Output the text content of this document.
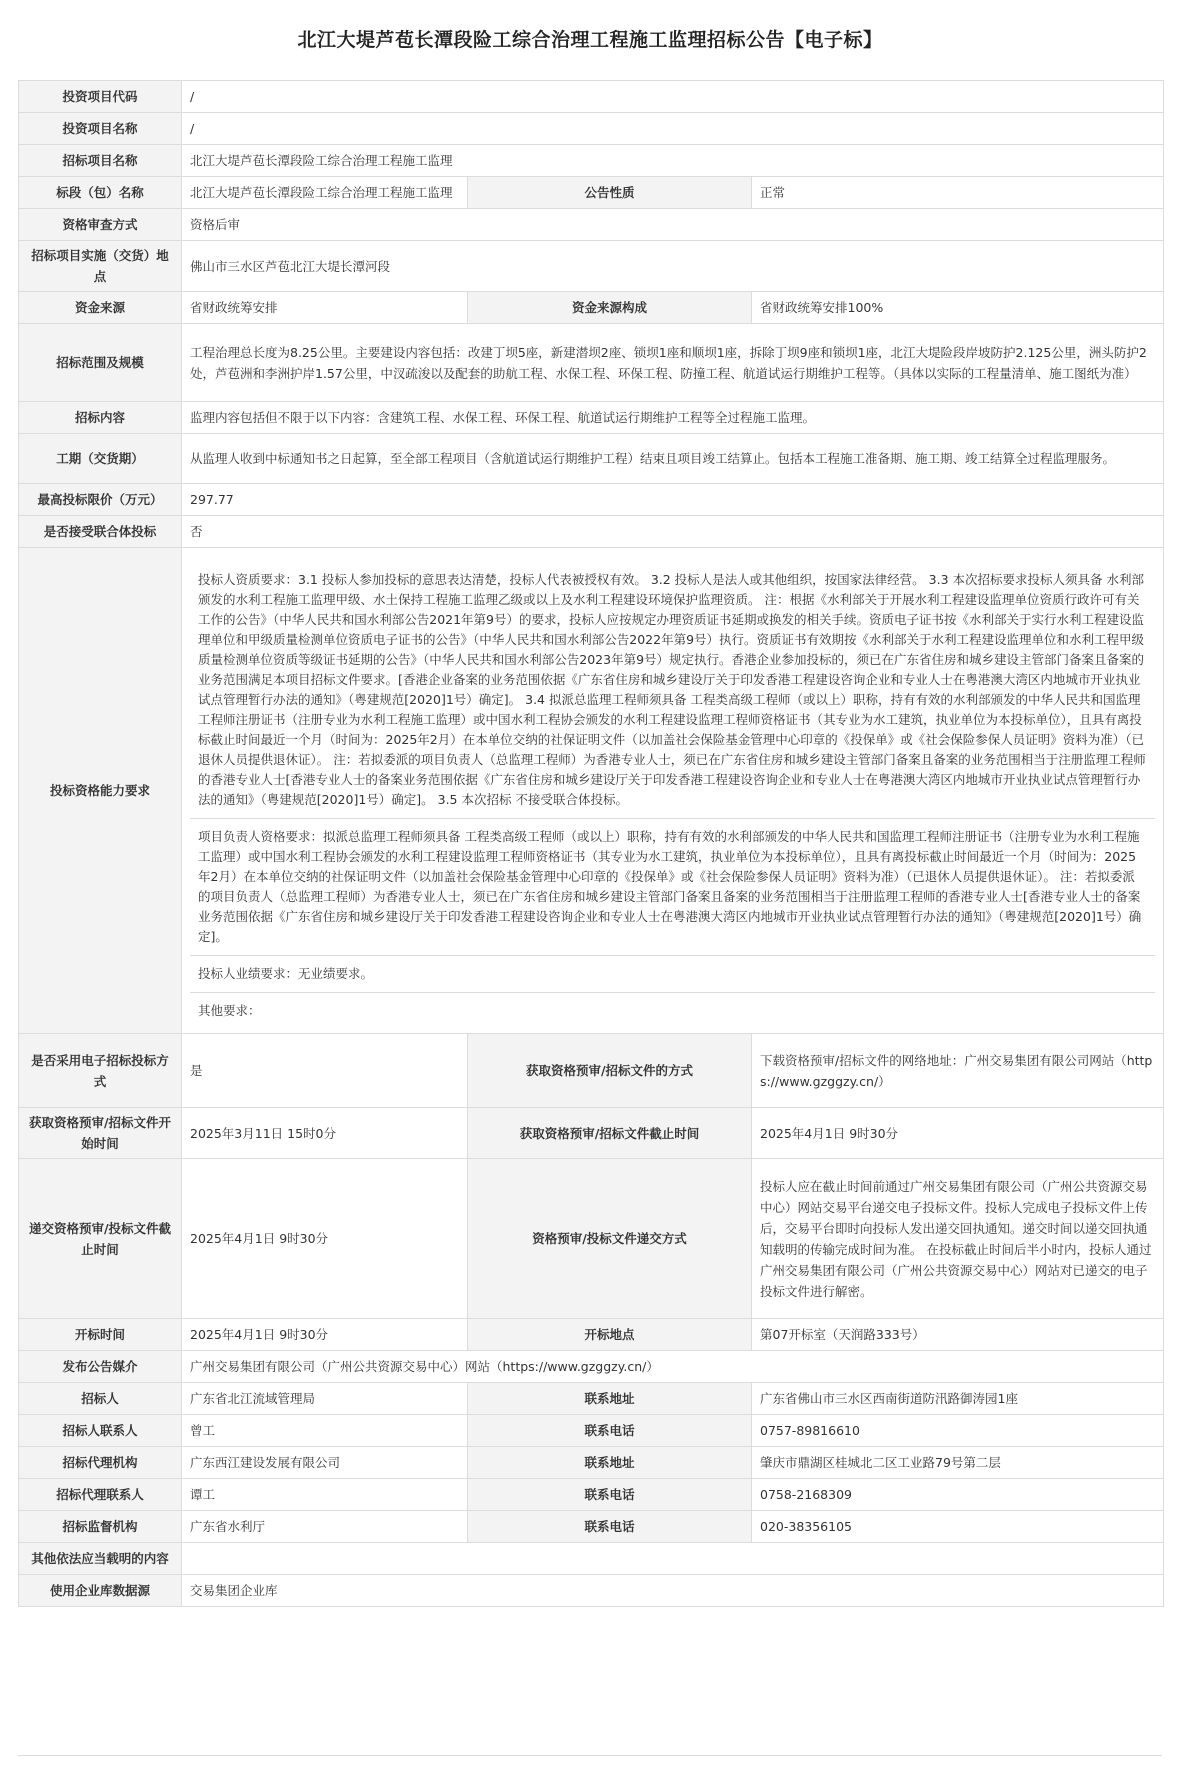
北江大堤芦苞长潭段险工综合治理工程施工监理招标公告【电子标】
投资项目代码	/		
投资项目名称	/		
招标项目名称	北江大堤芦苞长潭段险工综合治理工程施工监理		
标段（包）名称	北江大堤芦苞长潭段险工综合治理工程施工监理	公告性质	正常
资格审查方式	资格后审		
招标项目实施（交货）地点	佛山市三水区芦苞北江大堤长潭河段		
资金来源	省财政统筹安排	资金来源构成	省财政统筹安排100%
招标范围及规模	工程治理总长度为8.25公里。主要建设内容包括：改建丁坝5座，新建潜坝2座、锁坝1座和顺坝1座，拆除丁坝9座和锁坝1座，北江大堤险段岸坡防护2.125公里，洲头防护2处，芦苞洲和李洲护岸1.57公里，中汊疏浚以及配套的助航工程、水保工程、环保工程、防撞工程、航道试运行期维护工程等。（具体以实际的工程量清单、施工图纸为准）		
招标内容	监理内容包括但不限于以下内容：含建筑工程、水保工程、环保工程、航道试运行期维护工程等全过程施工监理。		
工期（交货期）	从监理人收到中标通知书之日起算，至全部工程项目（含航道试运行期维护工程）结束且项目竣工结算止。包括本工程施工准备期、施工期、竣工结算全过程监理服务。		
最高投标限价（万元）	297.77		
是否接受联合体投标	否		
投标资格能力要求	投标人资质要求：3.1 投标人参加投标的意思表达清楚，投标人代表被授权有效。 3.2 投标人是法人或其他组织，按国家法律经营。 3.3 本次招标要求投标人须具备 水利部颁发的水利工程施工监理甲级、水土保持工程施工监理乙级或以上及水利工程建设环境保护监理资质。 注：根据《水利部关于开展水利工程建设监理单位资质行政许可有关工作的公告》（中华人民共和国水利部公告2021年第9号）的要求，投标人应按规定办理资质证书延期或换发的相关手续。资质电子证书按《水利部关于实行水利工程建设监理单位和甲级质量检测单位资质电子证书的公告》（中华人民共和国水利部公告2022年第9号）执行。资质证书有效期按《水利部关于水利工程建设监理单位和水利工程甲级质量检测单位资质等级证书延期的公告》（中华人民共和国水利部公告2023年第9号）规定执行。香港企业参加投标的，须已在广东省住房和城乡建设主管部门备案且备案的业务范围满足本项目招标文件要求。[香港企业备案的业务范围依据《广东省住房和城乡建设厅关于印发香港工程建设咨询企业和专业人士在粤港澳大湾区内地城市开业执业试点管理暂行办法的通知》（粤建规范[2020]1号）确定]。 3.4 拟派总监理工程师须具备 工程类高级工程师（或以上）职称，持有有效的水利部颁发的中华人民共和国监理工程师注册证书（注册专业为水利工程施工监理）或中国水利工程协会颁发的水利工程建设监理工程师资格证书（其专业为水工建筑，执业单位为本投标单位），且具有离投标截止时间最近一个月（时间为：2025年2月）在本单位交纳的社保证明文件（以加盖社会保险基金管理中心印章的《投保单》或《社会保险参保人员证明》资料为准）（已退休人员提供退休证）。 注：若拟委派的项目负责人（总监理工程师）为香港专业人士，须已在广东省住房和城乡建设主管部门备案且备案的业务范围相当于注册监理工程师的香港专业人士[香港专业人士的备案业务范围依据《广东省住房和城乡建设厅关于印发香港工程建设咨询企业和专业人士在粤港澳大湾区内地城市开业执业试点管理暂行办法的通知》（粤建规范[2020]1号）确定]。 3.5 本次招标 不接受联合体投标。
项目负责人资格要求：拟派总监理工程师须具备 工程类高级工程师（或以上）职称，持有有效的水利部颁发的中华人民共和国监理工程师注册证书（注册专业为水利工程施工监理）或中国水利工程协会颁发的水利工程建设监理工程师资格证书（其专业为水工建筑，执业单位为本投标单位），且具有离投标截止时间最近一个月（时间为：2025年2月）在本单位交纳的社保证明文件（以加盖社会保险基金管理中心印章的《投保单》或《社会保险参保人员证明》资料为准）（已退休人员提供退休证）。 注：若拟委派的项目负责人（总监理工程师）为香港专业人士，须已在广东省住房和城乡建设主管部门备案且备案的业务范围相当于注册监理工程师的香港专业人士[香港专业人士的备案业务范围依据《广东省住房和城乡建设厅关于印发香港工程建设咨询企业和专业人士在粤港澳大湾区内地城市开业执业试点管理暂行办法的通知》（粤建规范[2020]1号）确定]。
投标人业绩要求：无业绩要求。
其他要求：		

是否采用电子招标投标方式	是	获取资格预审/招标文件的方式	下载资格预审/招标文件的网络地址：广州交易集团有限公司网站（https://www.gzggzy.cn/）
获取资格预审/招标文件开始时间	2025年3月11日 15时0分	获取资格预审/招标文件截止时间	2025年4月1日 9时30分
递交资格预审/投标文件截止时间	2025年4月1日 9时30分	资格预审/投标文件递交方式	投标人应在截止时间前通过广州交易集团有限公司（广州公共资源交易中心）网站交易平台递交电子投标文件。投标人完成电子投标文件上传后，交易平台即时向投标人发出递交回执通知。递交时间以递交回执通知载明的传输完成时间为准。 在投标截止时间后半小时内，投标人通过广州交易集团有限公司（广州公共资源交易中心）网站对已递交的电子投标文件进行解密。
开标时间	2025年4月1日 9时30分	开标地点	第07开标室（天润路333号）
发布公告媒介	广州交易集团有限公司（广州公共资源交易中心）网站（https://www.gzggzy.cn/）		
招标人	广东省北江流域管理局	联系地址	广东省佛山市三水区西南街道防汛路御涛园1座
招标人联系人	曾工	联系电话	0757-89816610
招标代理机构	广东西江建设发展有限公司	联系地址	肇庆市鼎湖区桂城北二区工业路79号第二层
招标代理联系人	谭工	联系电话	0758-2168309
招标监督机构	广东省水利厅	联系电话	020-38356105
其他依法应当载明的内容			
使用企业库数据源	交易集团企业库		
